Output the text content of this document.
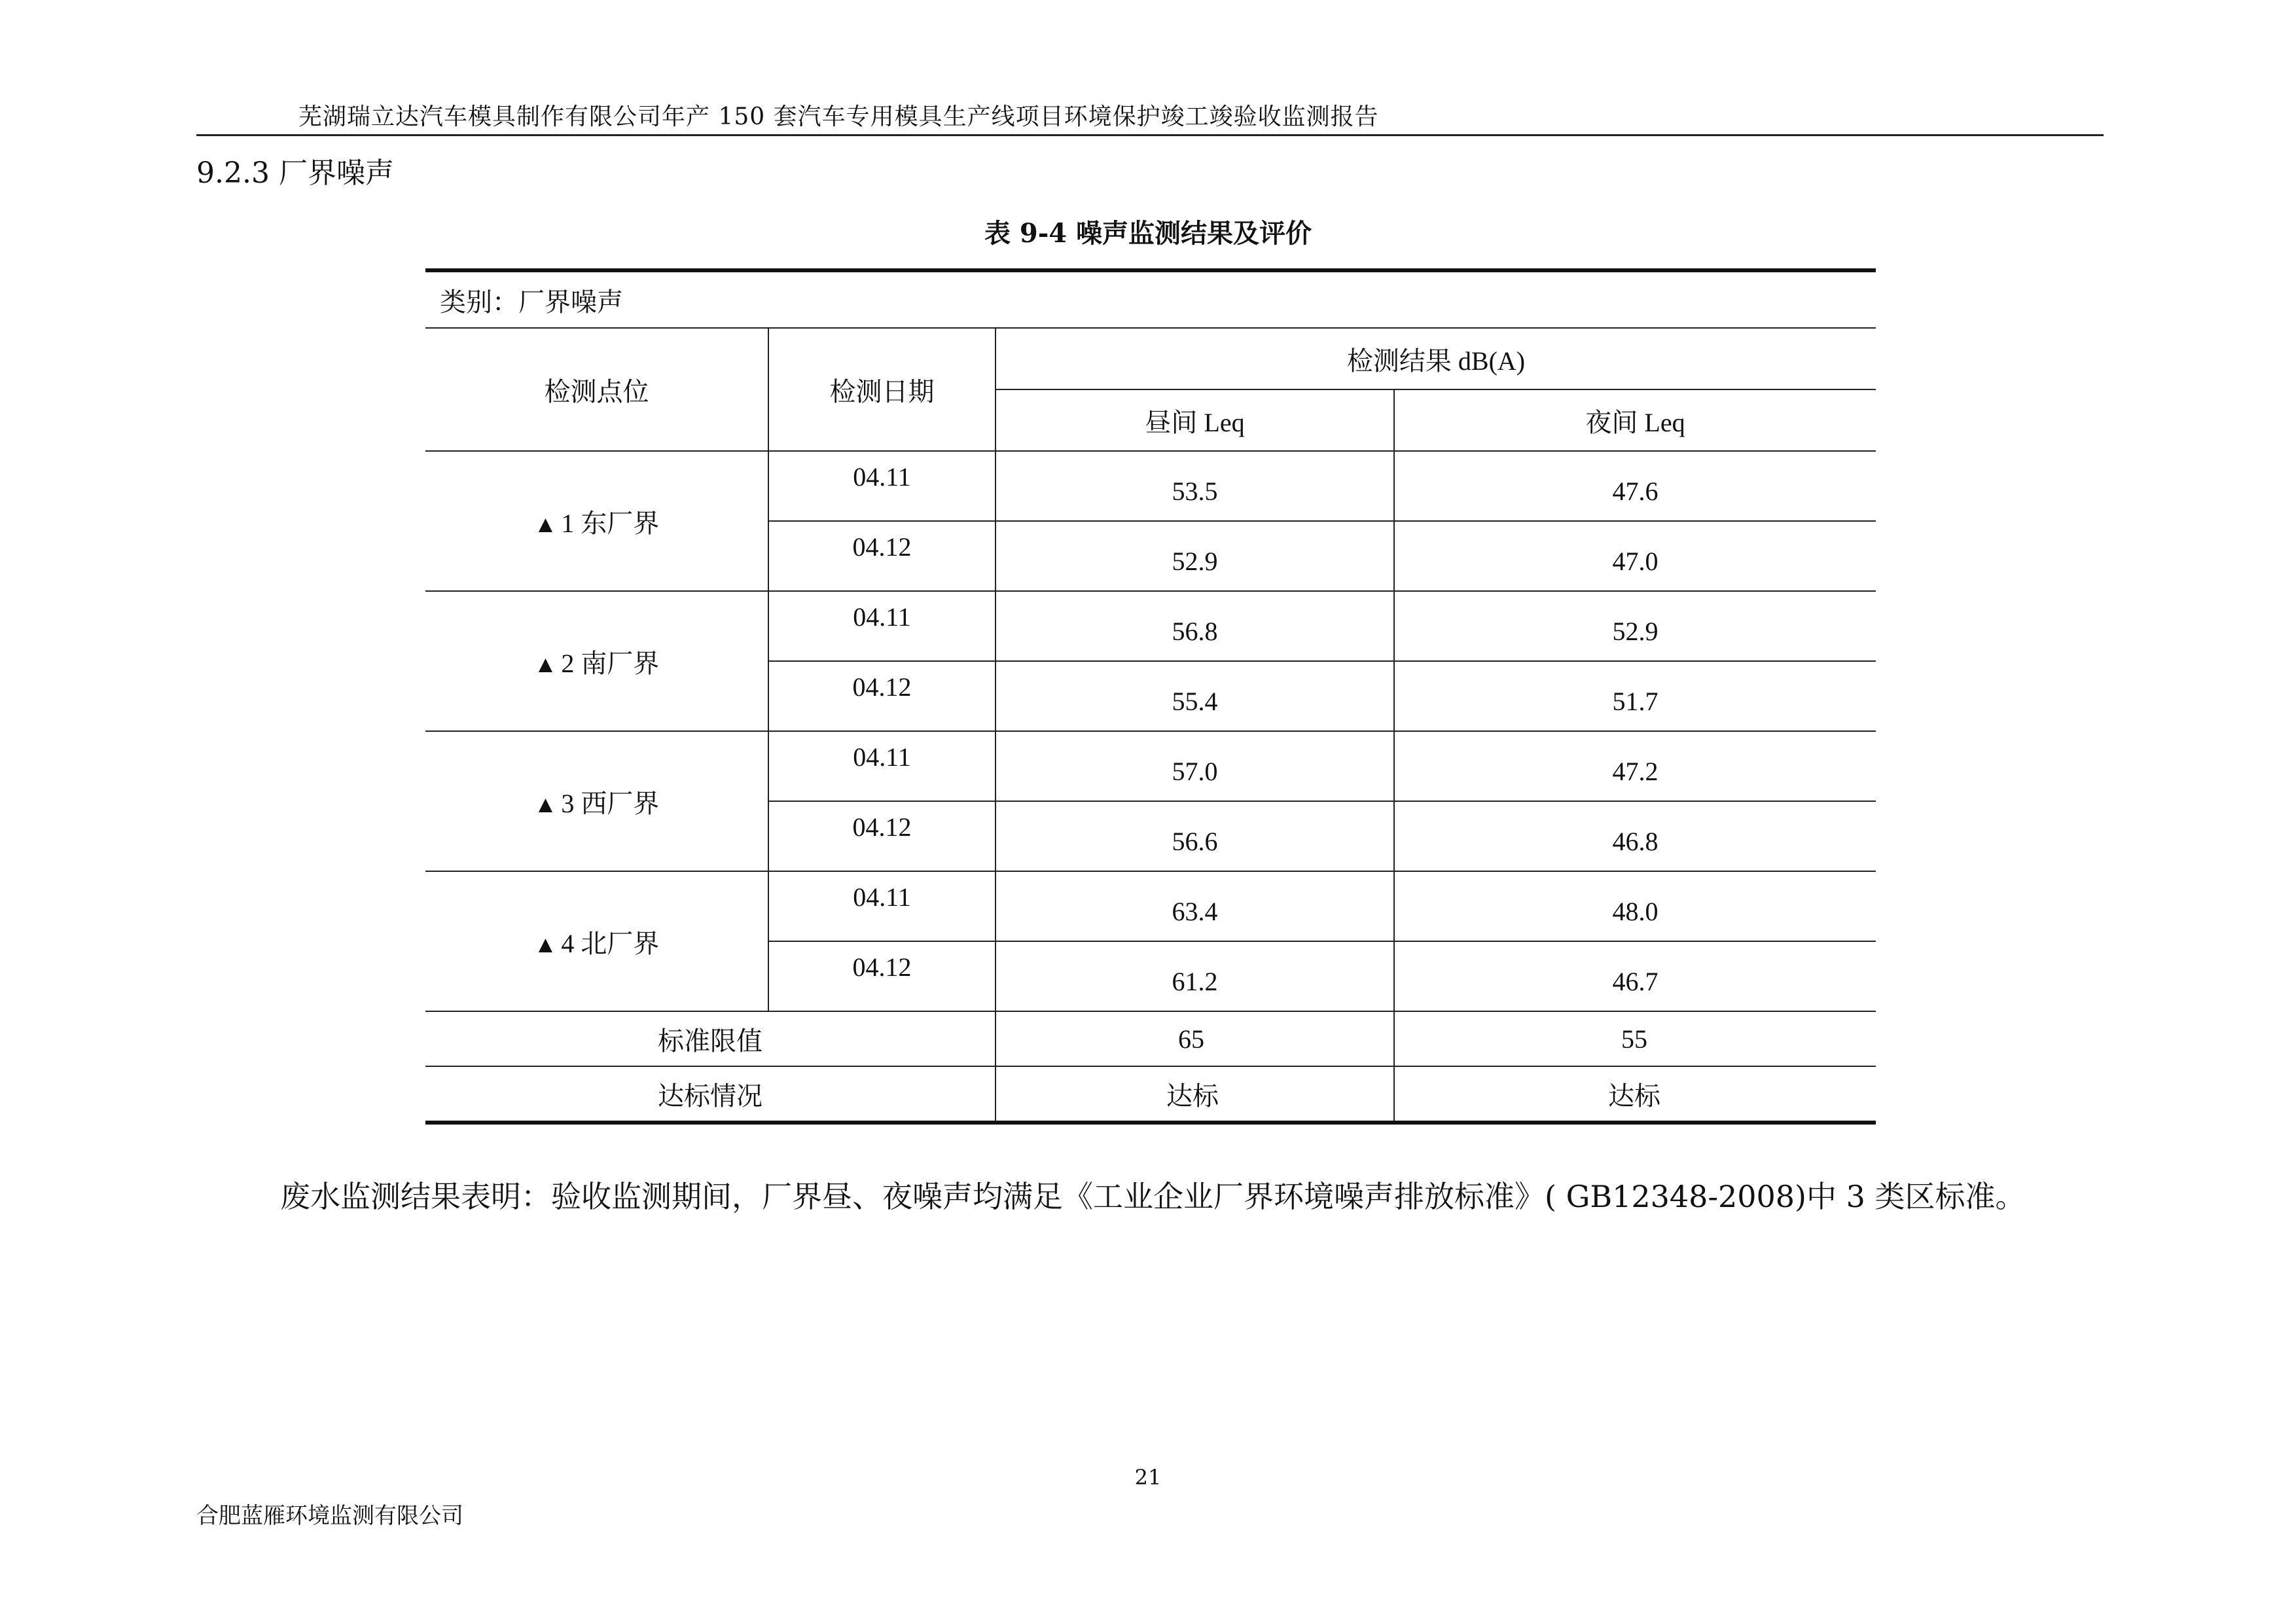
芜湖瑞立达汽车模具制作有限公司年产 150 套汽车专用模具生产线项目环境保护竣工竣验收监测报告
9.2.3 厂界噪声
表 9-4 噪声监测结果及评价
类别：厂界噪声			
检测点位	检测日期	检测结果 dB(A)	
		昼间 Leq	夜间 Leq
▲ 1 东厂界	04.11	53.5	47.6
	04.12	52.9	47.0
▲ 2 南厂界	04.11	56.8	52.9
	04.12	55.4	51.7
▲ 3 西厂界	04.11	57.0	47.2
	04.12	56.6	46.8
▲ 4 北厂界	04.11	63.4	48.0
	04.12	61.2	46.7
标准限值		65	55
达标情况		达标	达标
废水监测结果表明：验收监测期间，厂界昼、夜噪声均满足《工业企业厂界环境噪声排放标准》( GB12348-2008)中 3 类区标准。
21
合肥蓝雁环境监测有限公司
